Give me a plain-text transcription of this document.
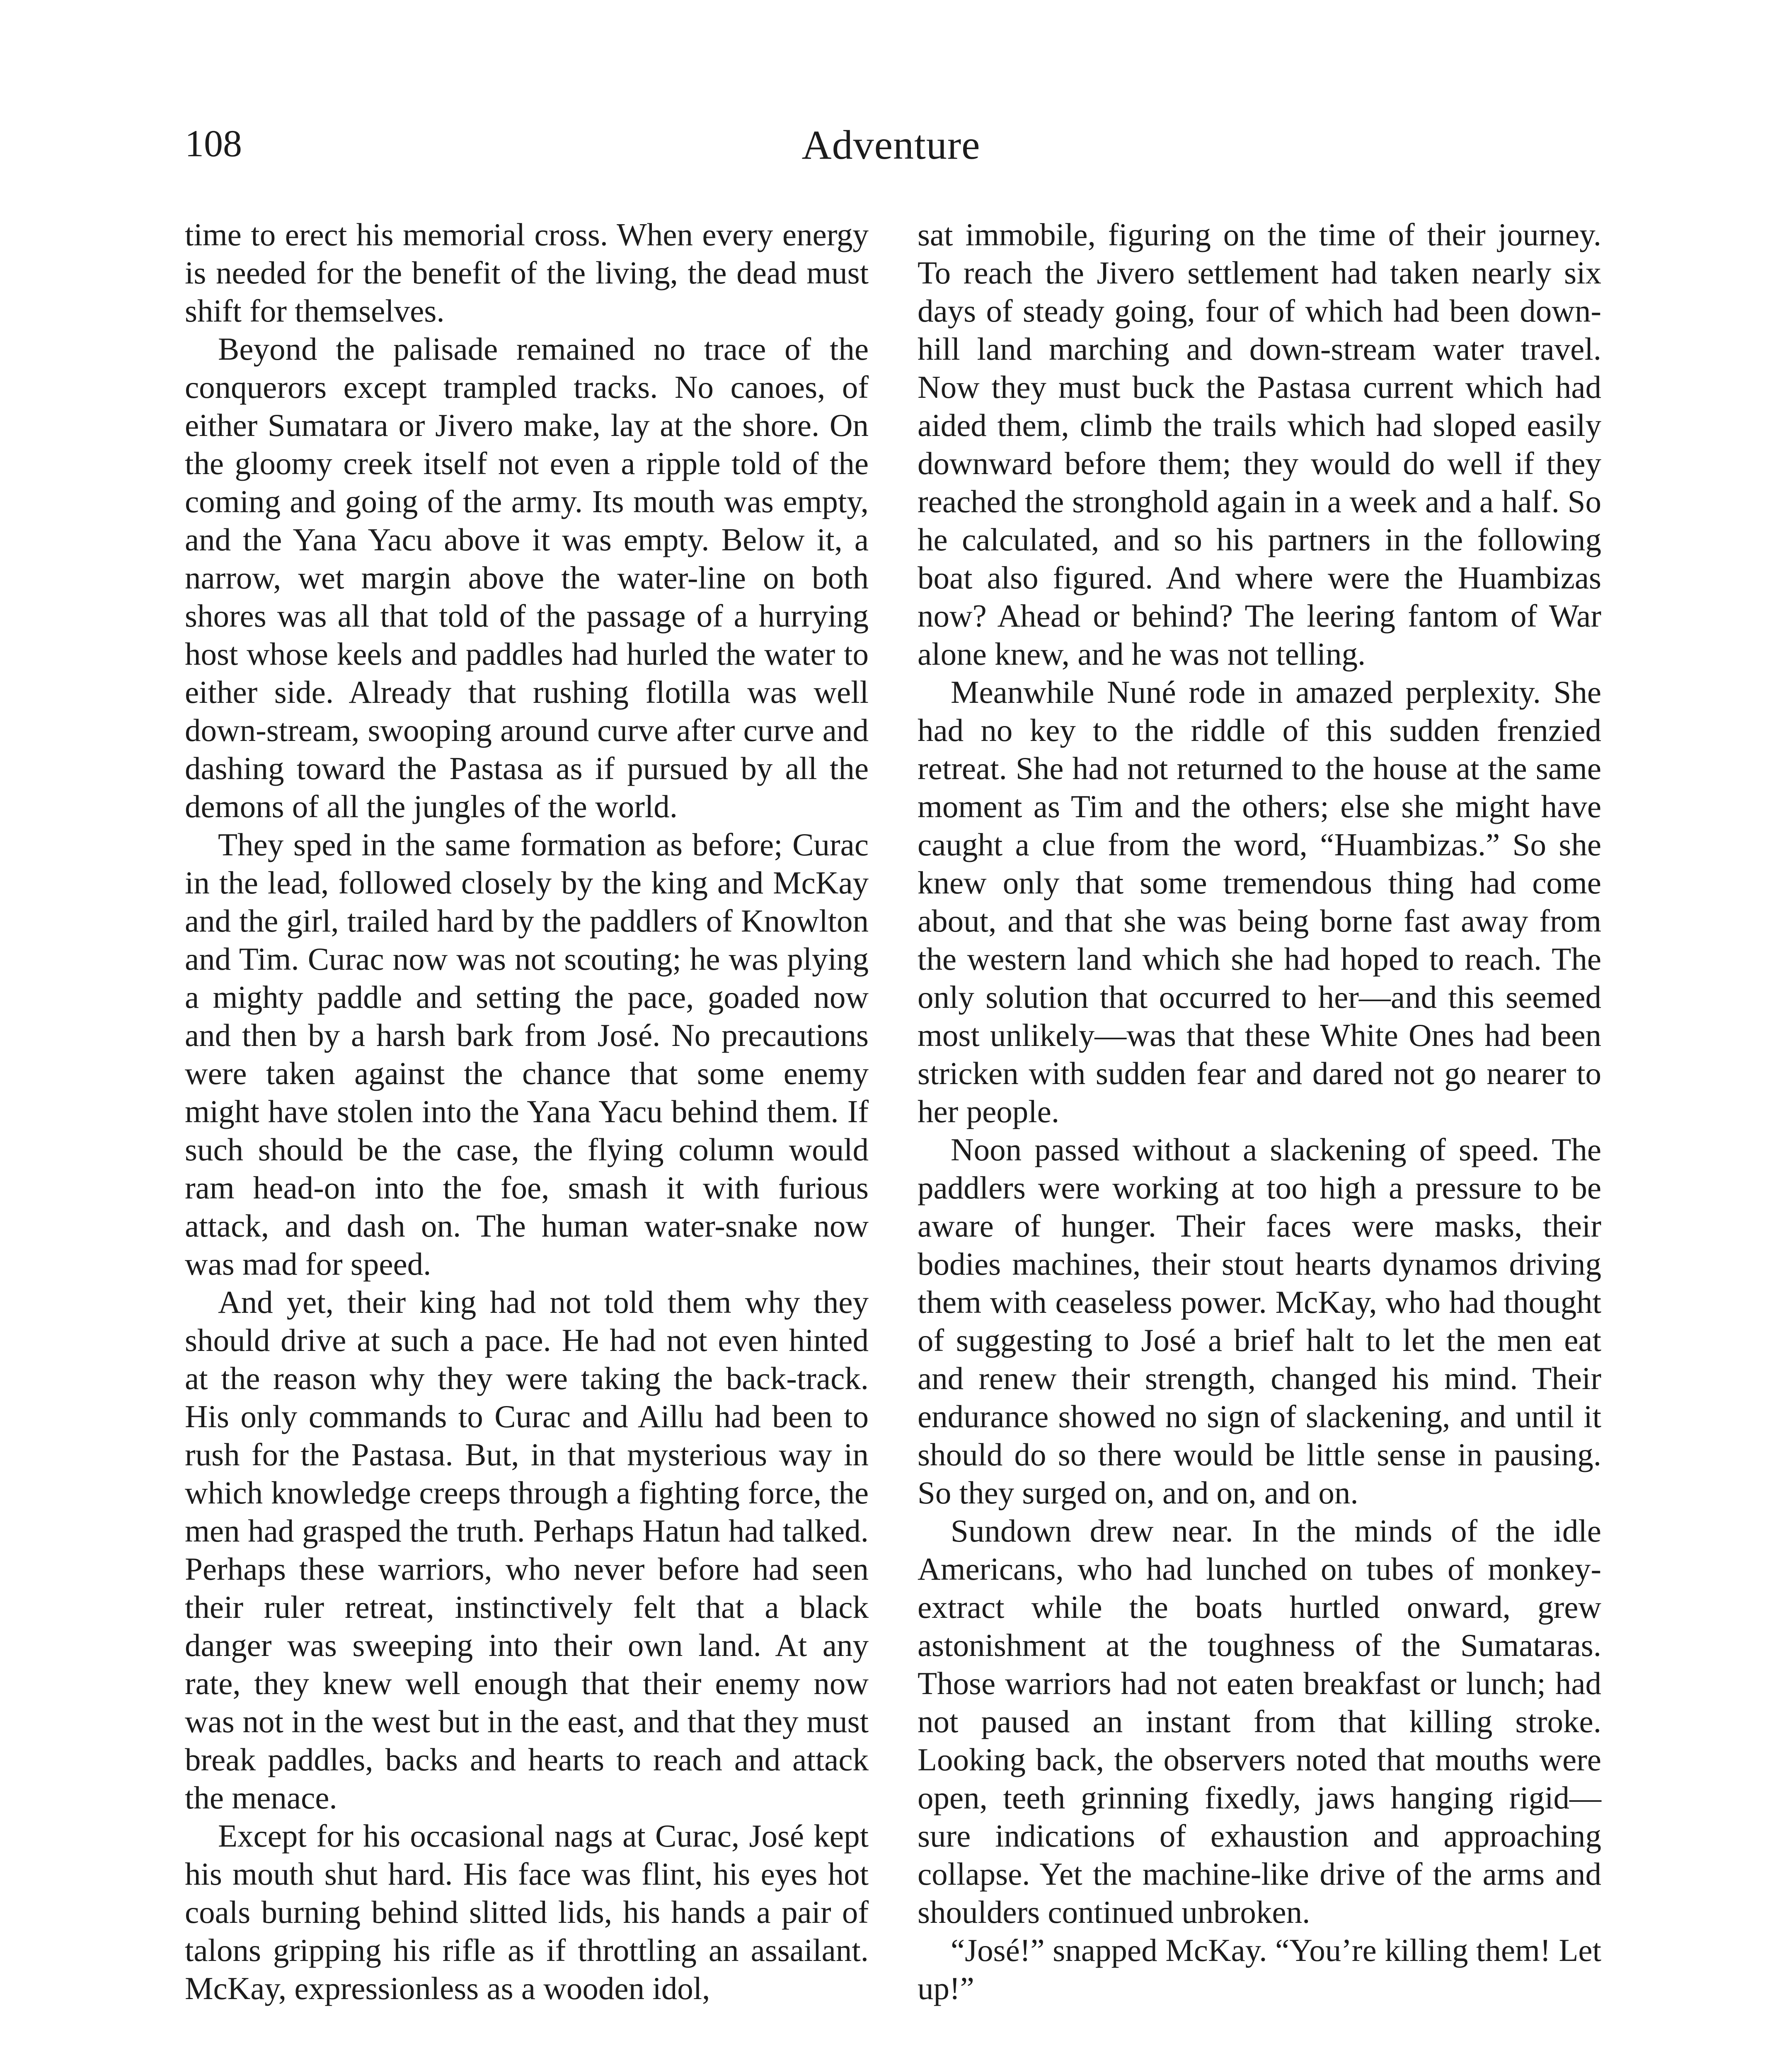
108	Adventure

time to erect his memorial cross. When every energy is needed for the benefit of the living, the dead must shift for themselves.

Beyond the palisade remained no trace of the conquerors except trampled tracks. No canoes, of either Sumatara or Jivero make, lay at the shore. On the gloomy creek itself not even a ripple told of the coming and going of the army. Its mouth was empty, and the Yana Yacu above it was empty. Below it, a narrow, wet margin above the water-line on both shores was all that told of the passage of a hurrying host whose keels and paddles had hurled the water to either side. Already that rushing flotilla was well down-stream, swooping around curve after curve and dashing toward the Pastasa as if pursued by all the demons of all the jungles of the world.

They sped in the same formation as before; Curac in the lead, followed closely by the king and McKay and the girl, trailed hard by the paddlers of Knowlton and Tim. Curac now was not scouting; he was plying a mighty paddle and setting the pace, goaded now and then by a harsh bark from José. No precautions were taken against the chance that some enemy might have stolen into the Yana Yacu behind them. If such should be the case, the flying column would ram head-on into the foe, smash it with furious attack, and dash on. The human water-snake now was mad for speed.

And yet, their king had not told them why they should drive at such a pace. He had not even hinted at the reason why they were taking the back-track. His only commands to Curac and Aillu had been to rush for the Pastasa. But, in that mysterious way in which knowledge creeps through a fighting force, the men had grasped the truth. Perhaps Hatun had talked. Perhaps these warriors, who never before had seen their ruler retreat, instinctively felt that a black danger was sweeping into their own land. At any rate, they knew well enough that their enemy now was not in the west but in the east, and that they must break paddles, backs and hearts to reach and attack the menace.

Except for his occasional nags at Curac, José kept his mouth shut hard. His face was flint, his eyes hot coals burning behind slitted lids, his hands a pair of talons gripping his rifle as if throttling an assailant. McKay, expressionless as a wooden idol,

sat immobile, figuring on the time of their journey. To reach the Jivero settlement had taken nearly six days of steady going, four of which had been down-hill land marching and down-stream water travel. Now they must buck the Pastasa current which had aided them, climb the trails which had sloped easily downward before them; they would do well if they reached the stronghold again in a week and a half. So he calculated, and so his partners in the following boat also figured. And where were the Huambizas now? Ahead or behind? The leering fantom of War alone knew, and he was not telling.

Meanwhile Nuné rode in amazed perplexity. She had no key to the riddle of this sudden frenzied retreat. She had not returned to the house at the same moment as Tim and the others; else she might have caught a clue from the word, “Huambizas.” So she knew only that some tremendous thing had come about, and that she was being borne fast away from the western land which she had hoped to reach. The only solution that occurred to her—and this seemed most unlikely—was that these White Ones had been stricken with sudden fear and dared not go nearer to her people.

Noon passed without a slackening of speed. The paddlers were working at too high a pressure to be aware of hunger. Their faces were masks, their bodies machines, their stout hearts dynamos driving them with ceaseless power. McKay, who had thought of suggesting to José a brief halt to let the men eat and renew their strength, changed his mind. Their endurance showed no sign of slackening, and until it should do so there would be little sense in pausing. So they surged on, and on, and on.

Sundown drew near. In the minds of the idle Americans, who had lunched on tubes of monkey-extract while the boats hurtled onward, grew astonishment at the toughness of the Sumataras. Those warriors had not eaten breakfast or lunch; had not paused an instant from that killing stroke. Looking back, the observers noted that mouths were open, teeth grinning fixedly, jaws hanging rigid—sure indications of exhaustion and approaching collapse. Yet the machine-like drive of the arms and shoulders continued unbroken.

“José!” snapped McKay. “You’re killing them! Let up!”
